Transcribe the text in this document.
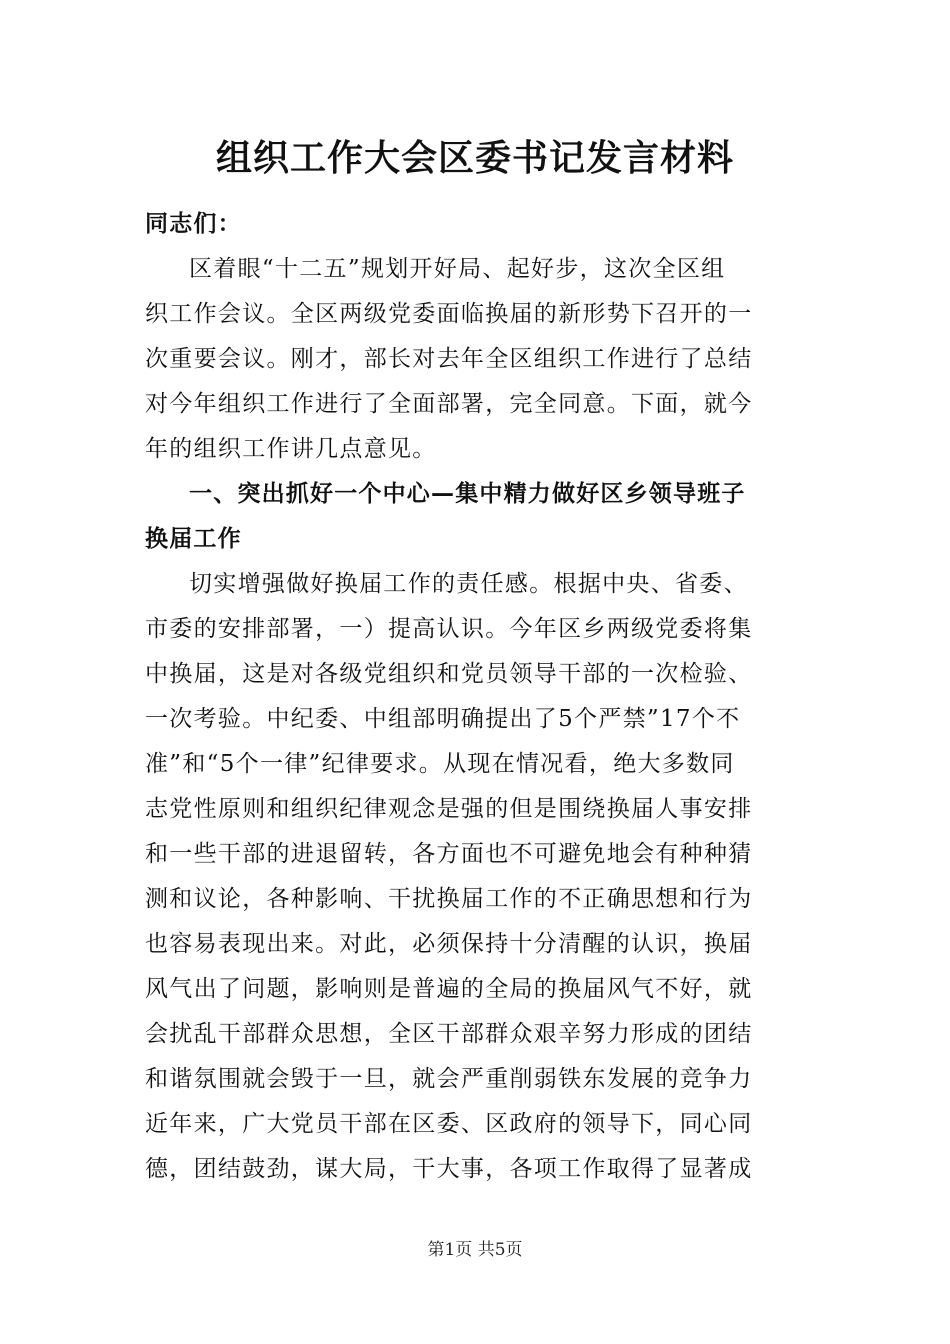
组织工作大会区委书记发言材料
同志们：
区着眼“十二五”规划开好局、起好步，这次全区组
织工作会议。全区两级党委面临换届的新形势下召开的一
次重要会议。刚才，部长对去年全区组织工作进行了总结
对今年组织工作进行了全面部署，完全同意。下面，就今
年的组织工作讲几点意见。
一、突出抓好一个中心—集中精力做好区乡领导班子
换届工作
切实增强做好换届工作的责任感。根据中央、省委、
市委的安排部署，一）提高认识。今年区乡两级党委将集
中换届，这是对各级党组织和党员领导干部的一次检验、
一次考验。中纪委、中组部明确提出了5个严禁”17个不
准”和“5个一律”纪律要求。从现在情况看，绝大多数同
志党性原则和组织纪律观念是强的但是围绕换届人事安排
和一些干部的进退留转，各方面也不可避免地会有种种猜
测和议论，各种影响、干扰换届工作的不正确思想和行为
也容易表现出来。对此，必须保持十分清醒的认识，换届
风气出了问题，影响则是普遍的全局的换届风气不好，就
会扰乱干部群众思想，全区干部群众艰辛努力形成的团结
和谐氛围就会毁于一旦，就会严重削弱铁东发展的竞争力
近年来，广大党员干部在区委、区政府的领导下，同心同
德，团结鼓劲，谋大局，干大事，各项工作取得了显著成
第1页 共5页
